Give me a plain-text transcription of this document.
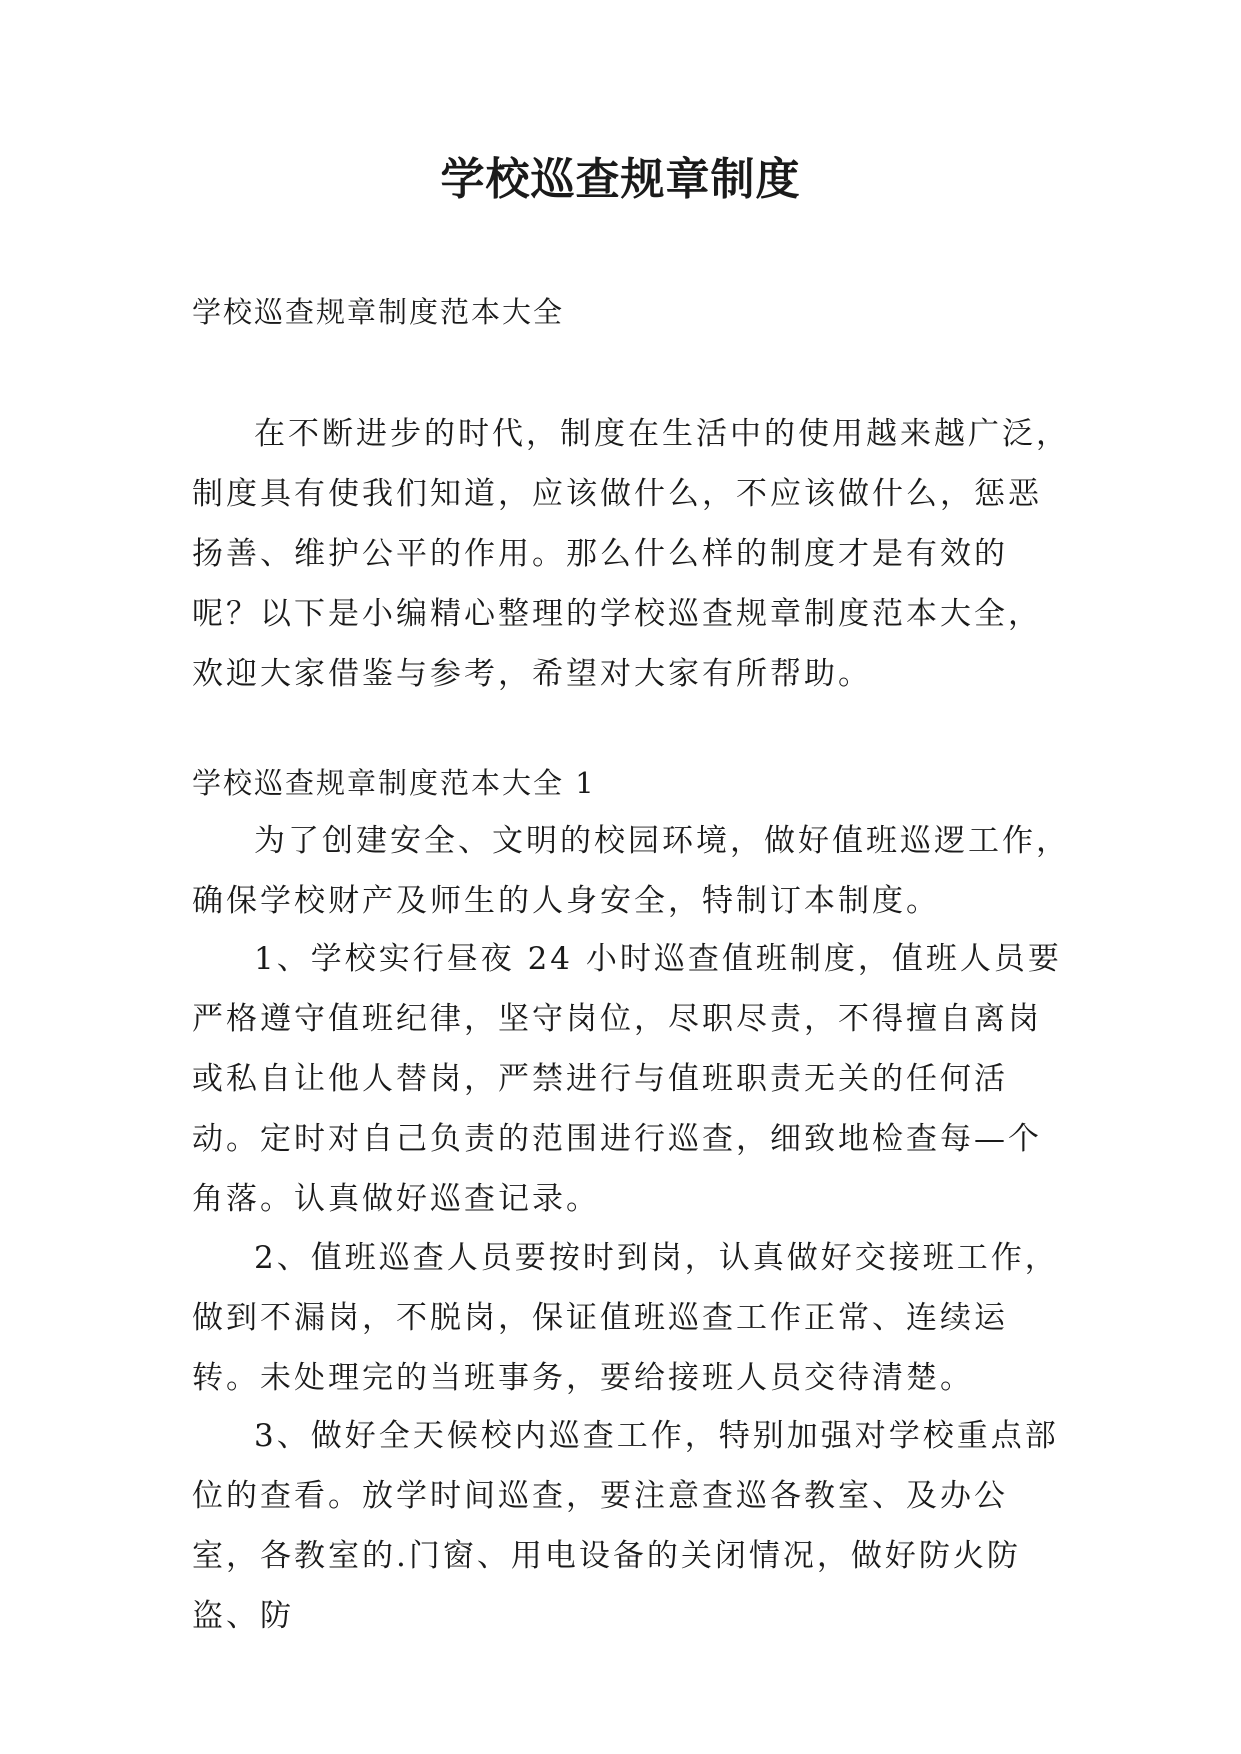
学校巡查规章制度

学校巡查规章制度范本大全

在不断进步的时代，制度在生活中的使用越来越广泛，制度具有使我们知道，应该做什么，不应该做什么，惩恶扬善、维护公平的作用。那么什么样的制度才是有效的呢？以下是小编精心整理的学校巡查规章制度范本大全，欢迎大家借鉴与参考，希望对大家有所帮助。

学校巡查规章制度范本大全 1

为了创建安全、文明的校园环境，做好值班巡逻工作，确保学校财产及师生的人身安全，特制订本制度。

1、学校实行昼夜 24 小时巡查值班制度，值班人员要严格遵守值班纪律，坚守岗位，尽职尽责，不得擅自离岗或私自让他人替岗，严禁进行与值班职责无关的任何活动。定时对自己负责的范围进行巡查，细致地检查每—个角落。认真做好巡查记录。

2、值班巡查人员要按时到岗，认真做好交接班工作，做到不漏岗，不脱岗，保证值班巡查工作正常、连续运转。未处理完的当班事务，要给接班人员交待清楚。

3、做好全天候校内巡查工作，特别加强对学校重点部位的查看。放学时间巡查，要注意查巡各教室、及办公室，各教室的.门窗、用电设备的关闭情况，做好防火防盗、防
